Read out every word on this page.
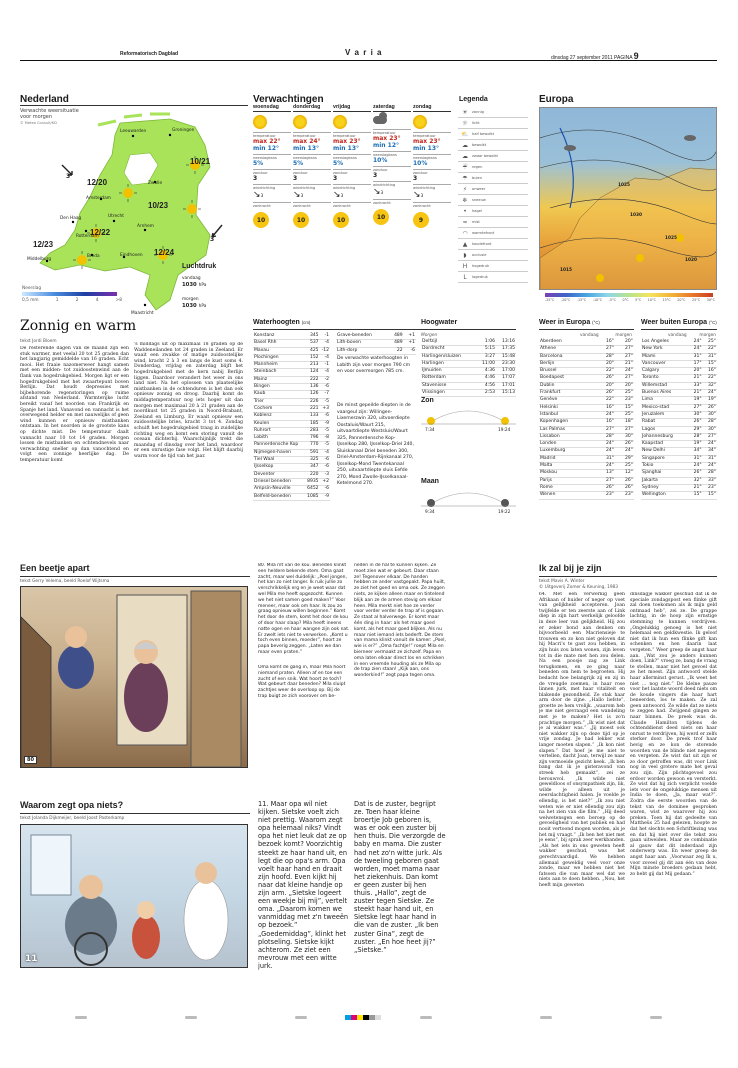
Reformatorisch Dagblad	V a r i a
dinsdag 27 september 2011 PAGINA 9
Nederland
Verwachte weersituatie
voor morgen
© Meteo Consult/KD
Leeuwarden	Groningen
Zwolle
Amsterdam
Den Haag
Rotterdam
Utrecht
Arnhem
Breda	Eindhoven
Middelburg
Maastricht
10/21
12/20
10/23
12/22
12/23
12/24
3
3
Neerslag
0,5 mm	1	2	4	>8
Luchtdruk
vandaag
1030 hPa
morgen
1030 hPa
Verwachtingen
woensdag
temperatuur
max 22°
min 12°
neerslagkans
5%
zonduur
3
windrichting
↘3
zonkracht
10
donderdag
temperatuur
max 24°
min 13°
neerslagkans
5%
zonduur
3
windrichting
↘3
zonkracht
10
vrijdag
temperatuur
max 23°
min 13°
neerslagkans
5%
zonduur
3
windrichting
↘3
zonkracht
10
zaterdag
temperatuur
max 23°
min 12°
neerslagkans
10%
zonduur
3
windrichting
↘3
zonkracht
10
zondag
temperatuur
max 23°
min 13°
neerslagkans
10%
zonduur
3
windrichting
↘3
zonkracht
9
Legenda
☀	zonnig
☼	licht
⛅ half bewolkt
☁	bewolkt
☁	zwaar bewolkt
☔	regen
☂	buien
⚡	onweer
❄	sneeuw
•	hagel
≈	mist
◠	warmtefront
▲	koudefront
◗	occlusie
H	hogedruk
L	lagedruk
Europa
1025
1030
1025
1020
1015
-25°C -20°C -15°C -10°C -5°C 0°C 5°C 10°C 15°C 20°C 25°C 30°C
Zonnig en warm
tekst Jordi Bloem
De resterende dagen van de maand zijn een stuk warmer, met veelal 20 tot 25 graden dan het langjarig gemiddelde van 16 graden. Echt mooi. Het fraaie nazomerweer hangt samen met een midden- tot zuidoostenwind aan de flank van hogedrukgebied. Morgen ligt er een hogedrukgebied met het zwaartepunt boven Berlijn. Dat houdt depressies met bijbehorende regenstoringen op ruime afstand van Nederland. Warmterijke lucht bereikt vanaf het noorden van Frankrijk en Spanje het land. Vanavond en vannacht is het overwegend helder en met nauwelijks of geen wind kunnen er opnieuw mistbanken ontstaan. In het noorden is de grootste kans op dichte mist. De temperatuur daalt vannacht naar 10 tot 14 graden. Morgen lossen de mistbanken en ochtendnevels naar verwachting sneller op dan vanochtend en volgt een zonnige heerlijke dag. De temperatuur komt
's middags uit op maximaal 18 graden op de Waddeneilanden tot 24 graden in Zeeland. Er waait een zwakke of matige zuidoostelijke wind, kracht 2 à 3 en langs de kust soms 4. Donderdag, vrijdag en zaterdag blijft het hogedrukgebied met de kern nabij Berlijn liggen. Daardoor verandert het weer in ons land niet. Na het oplossen van plaatselijke mistbanken in de ochtenduren is het dan ook opnieuw zonnig en droog. Daarbij komt de middagtemperatuur nog iets hoger uit dan morgen met maximaal 20 à 21 graden aan de noordkust tot 25 graden in Noord-Brabant, Zeeland en Limburg. Er waait opnieuw een zuidoostelijke bries, kracht 3 tot 4. Zondag schuift het hogedrukgebied traag in zuidelijke richting weg en komt een storing vanuit de oceaan dichterbij. Waarschijnlijk trekt die maandag of dinsdag over het land, waardoor er een onrustige fase volgt. Het blijft daarbij warm voor de tijd van het jaar.
Waterhoogten (cm)
Konstanz	345	-1
Basel Rhh	537	-4
Maxau	425	-12
Plochingen	152	-4
Mannheim	213	-1
Steinbach	124	-4
Mainz	222	-2
Bingen	136	-6
Kaub	126	-7
Trier	226	-5
Cochem	221	+3
Koblenz	133	-6
Keulen	185	-9
Ruhrort	283	-5
Lobith	796	-8
Pannerdensche Kop	770	-5
Nijmegen-haven	591	-4
Tiel Waal	325	-6
IJsselkop	347	-6
Deventer	220	-3
Driesel beneden	8935	+2
Ampsin-Neuville	6452	-6
Belfeld-beneden	1085	-9
Grave-beneden	489	+1
Lith-boven	489	+1
Lith-dorp	22	-6
De verwachte waterhoogten in Lobith zijn voor morgen 790 cm en voor overmorgen 785 cm.
De minst gepeilde diepten in de vaargeul zijn: Willingen-Lixemerzwin 320, uitvoerdiepte Oostaluis/Waurt 215, uitvaartdiepte Westsluis/Waurt 325, Pannerdensche Kop-IJsselkop 280, IJsselkop-Driel 240, Sluiskanaal Driel beneden 300, Driel-Amsterdam-Rijnkanaal 270, IJsselkop-Mond Twentekanaal 250, uitvaartdiepte sluis Eefde 270, Mond Zwolle-IJsselkanaal-Ketelmond 270.
Hoogwater
Morgen
Delfzijl	1:06	13:16
Dordrecht	5:15	17:35
Harlingen/sluizen	3:27	15:48
Harlingen	11:00	23:30
IJmuiden	4:36	17:00
Rotterdam	4:46	17:07
Stavenisse	4:56	17:01
Vlissingen	2:53	15:13
Zon
7:34	19:24
Maan
9:34	19:22
Weer in Europa (°C)
vandaag	morgen
Aberdeen	16°	20°
Athene	27°	27°
Barcelona	28°	27°
Berlijn	20°	21°
Brussel	22°	24°
Boedapest	26°	27°
Dublin	20°	20°
Frankfurt	26°	25°
Genève	22°	23°
Helsinki	16°	15°
Istanbul	24°	25°
Kopenhagen	16°	18°
Las Palmas	27°	27°
Lissabon	28°	30°
Londen	24°	26°
Luxemburg	24°	24°
Madrid	31°	29°
Malta	24°	25°
Moskou	13°	12°
Parijs	27°	26°
Rome	26°	26°
Wenen	23°	23°
Weer buiten Europa (°C)
vandaag	morgen
Los Angeles	24°	25°
New York	24°	22°
Miami	31°	31°
Vancouver	17°	15°
Calgary	20°	16°
Toronto	21°	22°
Willemstad	33°	32°
Buenos Aires	21°	24°
Lima	19°	19°
Mexico-stad	27°	26°
Jeruzalem	30°	30°
Rabat	26°	28°
Lagos	29°	30°
Johannesburg	28°	27°
Kaapstad	19°	24°
New Delhi	34°	34°
Singapore	31°	31°
Tokio	24°	24°
Sjanghai	26°	28°
Jakarta	32°	33°
Sydney	21°	23°
Wellington	15°	15°
Een beetje apart
tekst Gerry Velema, beeld Roelof Wijtsma
80
80. Mila rilt van de kou. Beneden klinkt een heldere bekende stem. Oma gaat zacht, maar wel duidelijk: „Poel jongen, het kan zo niet langer. Ik ruik jullie zo verschrikkelijk erg en je weet waar dat wel Mila me heeft opgezocht. Kunnen we het niet samen goed maken?” Voor meneer, maar ook om haar. Ik zou zo graag opnieuw willen beginnen.” Komt het door de stem, komt het door de kou of door haar slaap? Mila heeft ineens natte ogen en haar wangen zijn ook nat. Er zwelt iets niet te verwerken. „Komt u toch even binnen, moeder”, hoort ze papa beverig zeggen. „Laten we dan maar even praten.”
Oma komt de gang in, maar Mila hoort niemand praten. Alleen af en toe een zucht of een snik. Wat hoort ze toch? Wat gebeurt daar beneden? Mila sluipt zachtjes weer de overloop op. Bij de trap buigt ze zich voorover om be-
neden in de hal te kunnen kijken. Ze moet zien wat er gebeurt. Daar staan ze! Tegenover elkaar. De handen hebben ze ander vastgepakt. Papa huilt, ze ziet het goed en oma ook. Ze zeggen niets, ze kijken alleen maar en tintelend blijk aan ze de armen stevig om elkaar heen. Mila merkt niet hoe ze verder voor verder verder de trap af is gegaan. Ze staat al halverwege. Er komt maar één ding in haar: als het maar goed komt, als het maar goed blijken. Als nu maar niet iemand iets bederft. De stem van mama klinkt vanuit de kamer: „Poel, wie is er?” „Oma fachtje!” roept Mila en bierneer vermaakt ze zichzelf. Papa en oma laten elkaar direct los en schrikken in een vreemde houding als ze Mila op de trap zien staan! „Kijk aan, ons wonderkind!” zegt papa tegen oma.
Waarom zegt opa niets?
tekst Jolanda Dijkmeijer, beeld Joost Pasterkamp
11
11. Maar opa wil niet kijken. Sietske voelt zich niet prettig. Waarom zegt opa helemaal niks? Vindt opa het niet leuk dat ze op bezoek komt? Voorzichtig steekt ze haar hand uit, en legt die op opa's arm. Opa voelt haar hand en draait zijn hoofd. Even kijkt hij naar dat kleine handje op zijn arm. „Sietske logeert een weekje bij mij”, vertelt oma. „Daarom komen we vanmiddag met z'n tweeën op bezoek.” „Goedemiddag”, klinkt het plotseling. Sietske kijkt achterom. Ze ziet een mevrouw met een witte jurk.
Dat is de zuster, begrijpt ze. Toen haar kleine broertje Job geboren is, was er ook een zuster bij hen thuis. Die verzorgde de baby en mama. Die zuster had net zo'n witte jurk. Als de tweeling geboren gaat worden, moet mama naar het ziekenhuis. Dan komt er geen zuster bij hen thuis. „Hallo”, zegt de zuster tegen Sietske. Ze steekt haar hand uit, en Sietske legt haar hand in die van de zuster. „Ik ben zuster Gina”, zegt de zuster. „En hoe heet jij?” „Sietske.”
Ik zal bij je zijn
tekst Mavis A. Winter
© Uitgeverij Zomer & Keuning, 1983
64. Met een verwerkig geen Afrikaan of huider of neger op voet van gelijkheid accepteren. Joan twijfelde er ten zeerste aan of Link diep in zijn hart werkelijk geloofde in deze leer van gelijkheid. Hij zou er zeker bond aan denken om bijvoorbeeld een Macriensieje te trouwen en zo kon niet geloven dat hij Macri's te gast zou hebben, in zijn huis zou laten wonen, zijn leven tot in die mate met hen zou delen. Na een poosje zag ze Link terugkomen, en ze ging naar beneden om hem te begroeten. Hij bedacht hoe belangrijk zij en zij in de vreugde zoemen, in haar rose linnen jurk, met haar vitaliteit en blakende gezondheid. Ze stak haar arm door de zijne. „Hallo liefste”, groette ze hem vrolijk. „waarom heb je me niet gevraagd een wandeling met je te maken? Het is zo'n prachtige morgen.” „Ik wist niet dat je al wakker was.” „Jij moest ook niet wakker zijn op deze tijd op je vrije zondag. Je had lekker wat langer moeten slapen.” „Ik kon niet slapen.” Dat hoef je me niet te vertellen, dacht Joan, terwijl ze naar zijn vermoeide gezicht keek. „Ik ben bang dat ik je gisteravond van streek heb gemaakt”, zei ze berouwvol. „Ik wilde niet geweldloos of onsympathiek zijn, lik, wilde je alleen uit je neerslachtigheid halen. Je voelde je ellendig, is het niet?” „Ik zou niet weten wie er niet ellendig zou zijn na het zien van die film.” „Hij deed welwetensgen een beroep op de gevoeligheid van het publiek en had nooit vertoond mogen worden, als je het mij vraagt.” „Ik ben het niet met je eens”, bij sprak zeer werkbanden. „Als het iets in ons geweten heeft wakker geschud, was het gerechtvaardigd. We hebben allemaal geweldig veel voor onze zonde, maar we hebben niet het fatsoen die van maar wel dat we niets aan te doen hebben. „Nou, het heeft mijn geweten
dinsdagje wakker geschud dat ik de speciale zondagspost een flinke gift zal doen toekomen als ik mijn geld ontmaad heb”, zei ze. De grappe lachtig, in de hoop zijn ernstige stemming te kunnen verdrijven. „Ongelukkig genoeg is het niet helemaal een geldkwestie. Ik geloof niet dat ik hun een flinke gift kan schenken en hen daarin laat vergeten.” Weer greep de angst haar aan. „Wat zou je anders kunnen doen, Link?” vroeg ze, bang de vraag te stellen, maar niet het gevoel dat ze het moest. Zijn antwoord stelde haar allerminst gerust. „Ik weet het niet ... nog niet.” De kleine pauze voor het laatste woord deed niets om de koude vingers die haar hart beneerden, los te maken. Ze zal geen antwoord. Ze wilde dat ze niets te zeggen had. Zwijgend gingen ze naar binnen. De preek was ds. Claude Hamilton tijdens de ochtenddienst deed niets om haar onrust te verdrijven, hij werd er zelfs sterker door. De preek trof haar hevig en ze kon de storende woorden van de blinde niet negeren en vergeten. Ze wist dat uit zijn er zo door getroffen was, dit voor Link nog in veel grotere mate het geval zou zijn. Zijn plichtsgevoel zou erdoor worden gewoon en versterkt. Ze wist dat hij zich verplicht voelde iets voor de ongelukkige mensen uit India te doen, „Ja, maar wat?”. Zodra die eerste woorden van de tekst van de dominee gesproken waren, wist ze waarover hij zou preken. Toen hij dat gedeelte van Mattheüs 25 had gelezen, hoopte ze dat het slechts een Schriftlezing was en dat hij niet over die tekst zou gaan uitweiden. Maar ze combinatie al gauw dat dit inderdaad zijn onderwerp was. En weer greep de angst haar aan. „Voorwaar zeg Ik u, voor zoveel gij dit aan één van deze Mijn minste broeders gedaan hebt, zo hebt gij dat Mij gedaan.”
